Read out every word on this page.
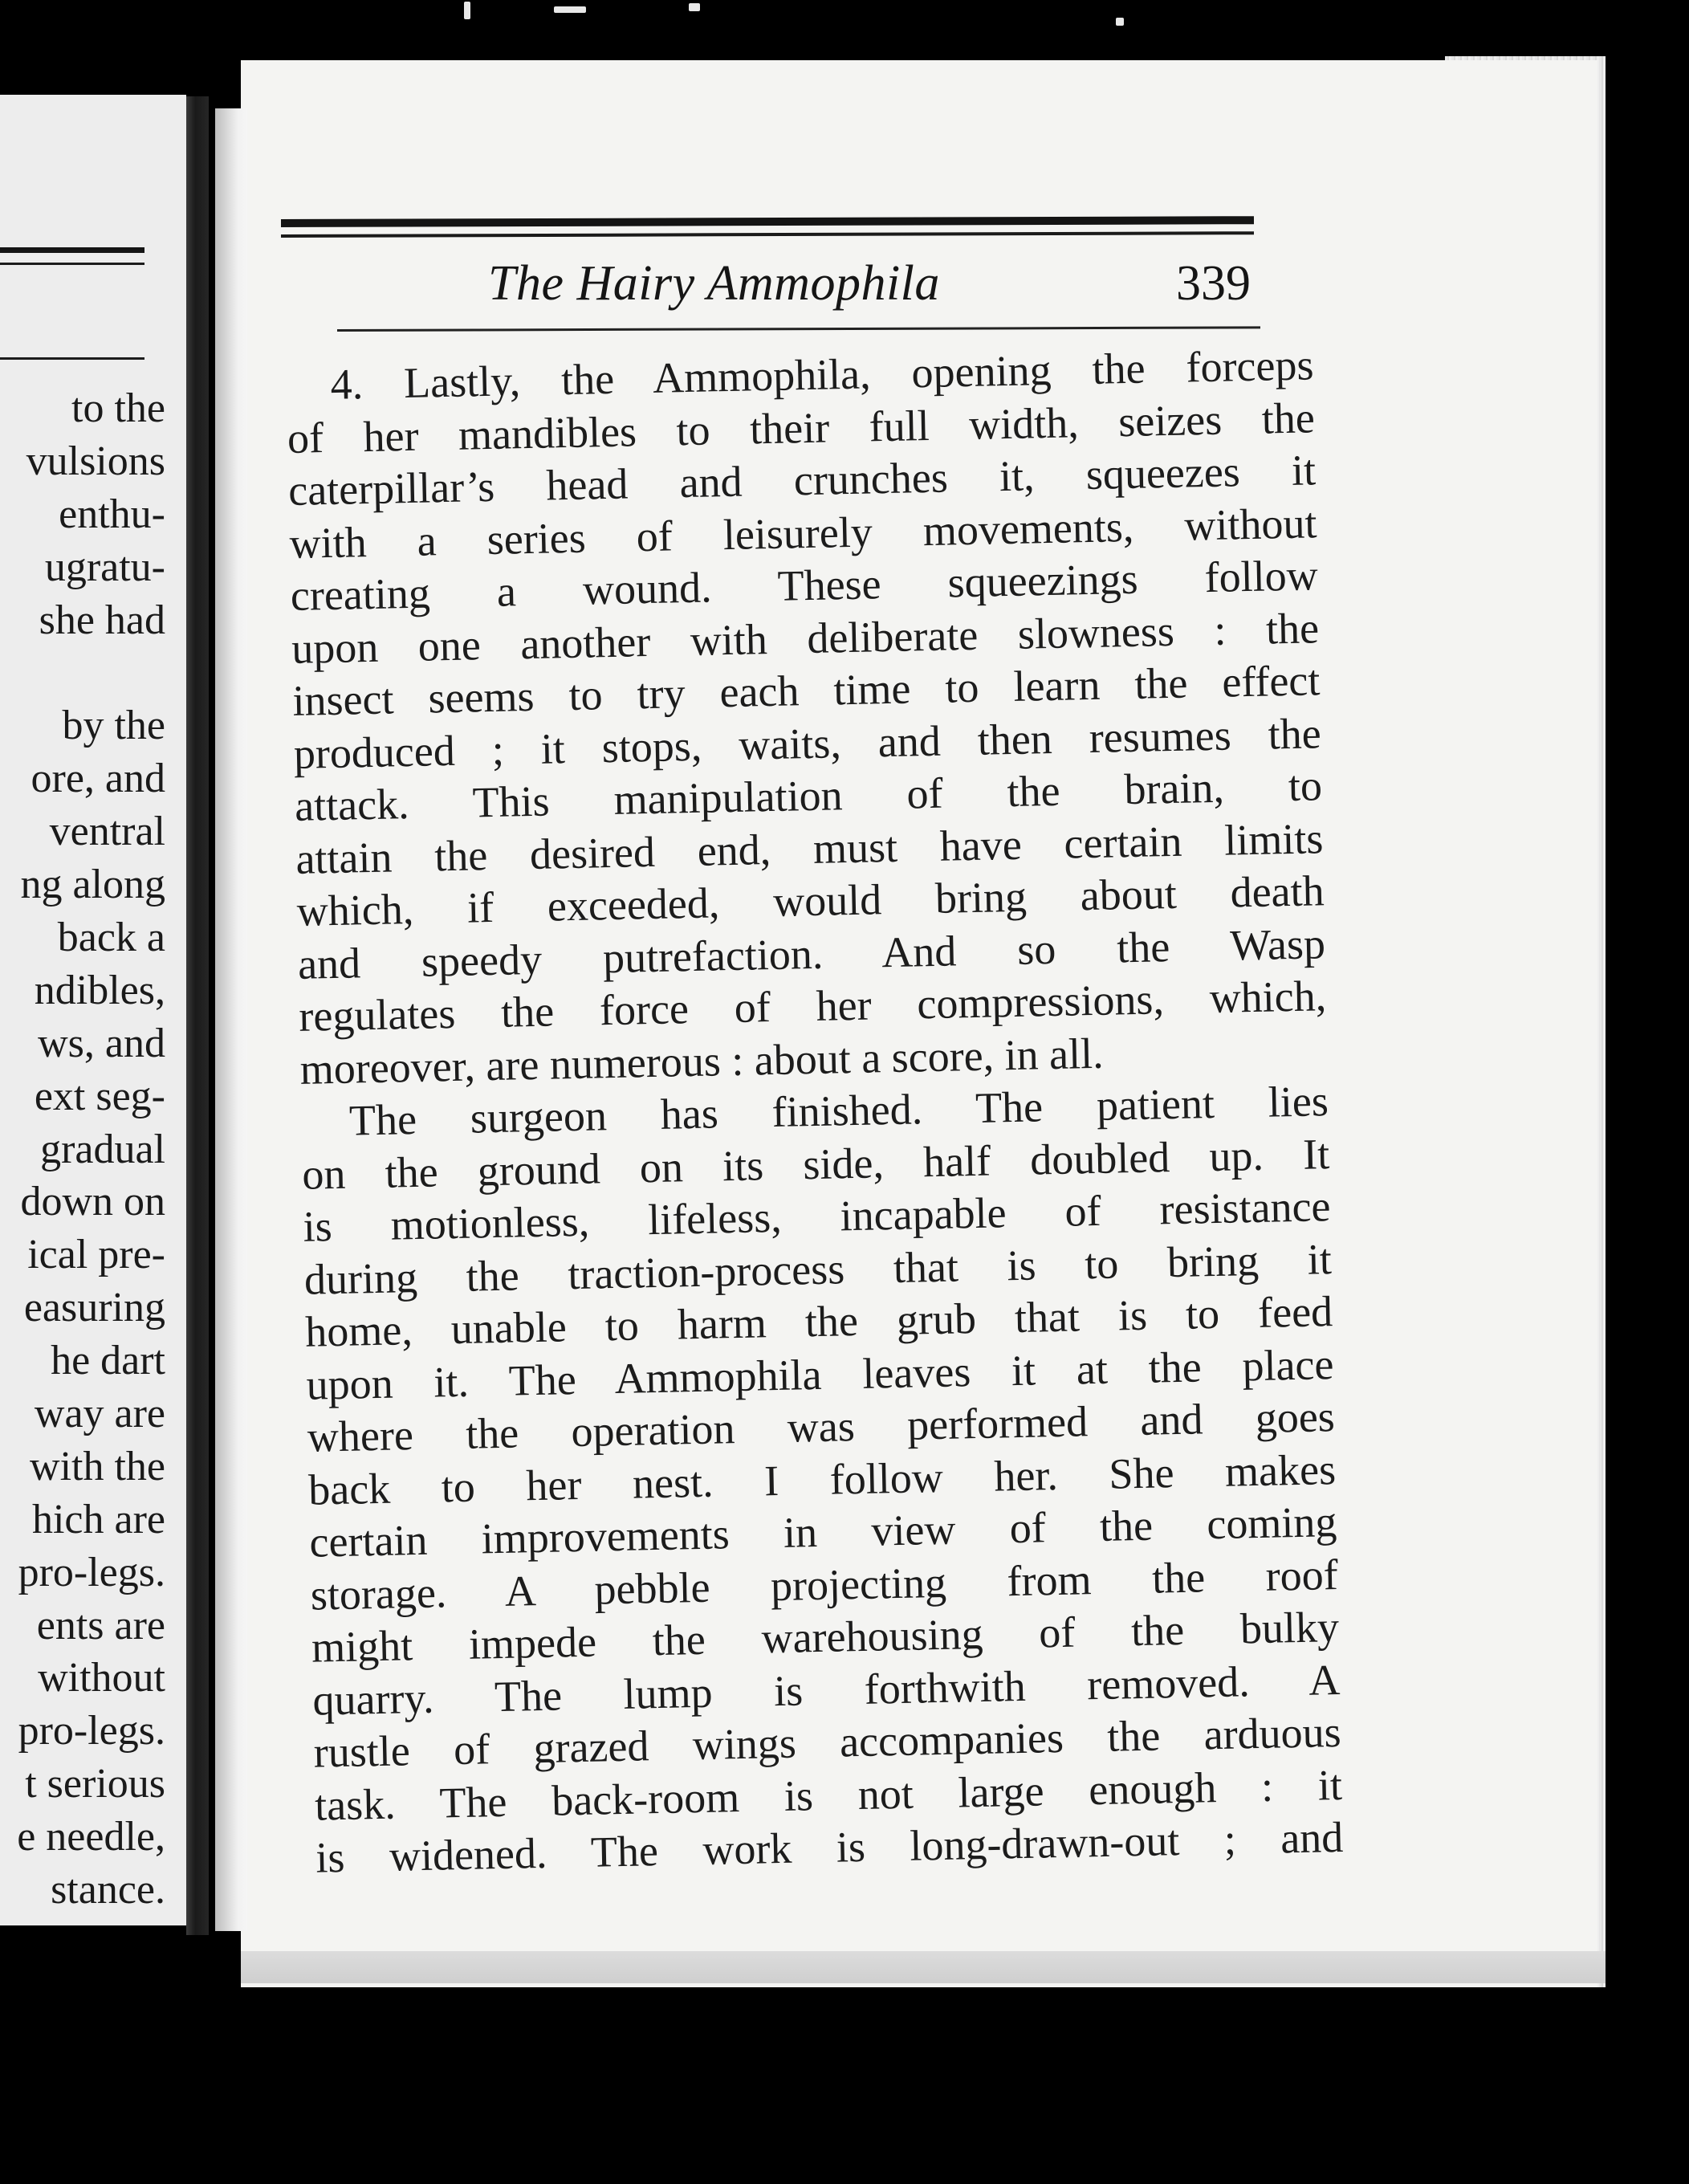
to the
vulsions
enthu-
ugratu-
she had
by the
ore, and
ventral
ng along
back a
ndibles,
ws, and
ext seg-
gradual
down on
ical pre-
easuring
he dart
way are
with the
hich are
pro-legs.
ents are
without
pro-legs.
t serious
e needle,
stance.
The Hairy Ammophila	339
4. Lastly, the Ammophila, opening the forceps
of her mandibles to their full width, seizes the
caterpillar’s head and crunches it, squeezes it
with a series of leisurely movements, without
creating a wound. These squeezings follow
upon one another with deliberate slowness : the
insect seems to try each time to learn the effect
produced ; it stops, waits, and then resumes the
attack. This manipulation of the brain, to
attain the desired end, must have certain limits
which, if exceeded, would bring about death
and speedy putrefaction. And so the Wasp
regulates the force of her compressions, which,
moreover, are numerous : about a score, in all.
The surgeon has finished. The patient lies
on the ground on its side, half doubled up. It
is motionless, lifeless, incapable of resistance
during the traction-process that is to bring it
home, unable to harm the grub that is to feed
upon it. The Ammophila leaves it at the place
where the operation was performed and goes
back to her nest. I follow her. She makes
certain improvements in view of the coming
storage. A pebble projecting from the roof
might impede the warehousing of the bulky
quarry. The lump is forthwith removed. A
rustle of grazed wings accompanies the arduous
task. The back-room is not large enough : it
is widened. The work is long-drawn-out ; and
